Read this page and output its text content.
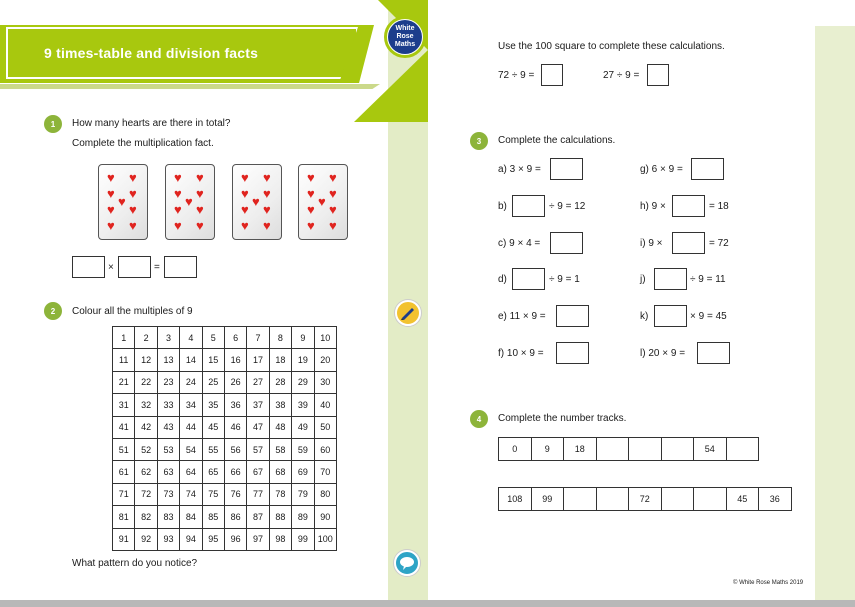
9 times-table and division facts
White Rose Maths
1	How many hearts are there in total?
Complete the multiplication fact.
♥ ♥
♥ ♥
♥
♥ ♥
♥ ♥
♥ ♥
♥ ♥
♥
♥ ♥
♥ ♥
♥ ♥
♥ ♥
♥
♥ ♥
♥ ♥
♥ ♥
♥ ♥
♥
♥ ♥
♥ ♥
×	=
2	Colour all the multiples of 9
1	2	3	4	5	6	7	8	9	10
11	12	13	14	15	16	17	18	19	20
21	22	23	24	25	26	27	28	29	30
31	32	33	34	35	36	37	38	39	40
41	42	43	44	45	46	47	48	49	50
51	52	53	54	55	56	57	58	59	60
61	62	63	64	65	66	67	68	69	70
71	72	73	74	75	76	77	78	79	80
81	82	83	84	85	86	87	88	89	90
91	92	93	94	95	96	97	98	99	100
What pattern do you notice?
Use the 100 square to complete these calculations.
72 ÷ 9 =	27 ÷ 9 =
3	Complete the calculations.
a) 3 × 9 =
b)	÷ 9 = 12
c) 9 × 4 =
d)	÷ 9 = 1
e) 11 × 9 =
f) 10 × 9 =
g) 6 × 9 =
h) 9 ×	= 18
i) 9 ×	= 72
j)	÷ 9 = 11
k)	× 9 = 45
l) 20 × 9 =
4	Complete the number tracks.
0	9	18				54	
108	99			72			45	36
© White Rose Maths 2019
